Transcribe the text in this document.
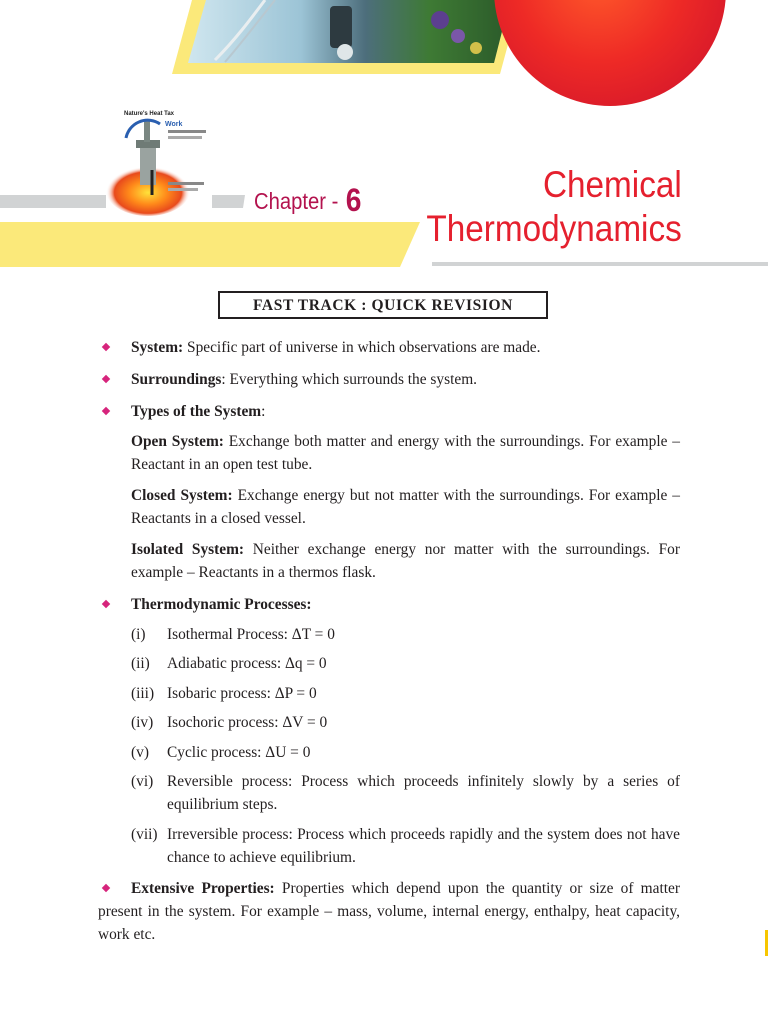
Nature's Heat Tax
Work
Chapter - 6	Chemical
Thermodynamics
FAST TRACK : QUICK REVISION
System: Specific part of universe in which observations are made.
Surroundings: Everything which surrounds the system.
Types of the System:
Open System: Exchange both matter and energy with the surroundings. For example – Reactant in an open test tube.
Closed System: Exchange energy but not matter with the surroundings. For example – Reactants in a closed vessel.
Isolated System: Neither exchange energy nor matter with the surroundings. For example – Reactants in a thermos flask.
Thermodynamic Processes:
(i)	Isothermal Process: ΔT = 0
(ii)	Adiabatic process: Δq = 0
(iii) Isobaric process: ΔP = 0
(iv) Isochoric process: ΔV = 0
(v)	Cyclic process: ΔU = 0
(vi) Reversible process: Process which proceeds infinitely slowly by a series of equilibrium steps.
(vii) Irreversible process: Process which proceeds rapidly and the system does not have chance to achieve equilibrium.
Extensive Properties: Properties which depend upon the quantity or size of matter present in the system. For example – mass, volume, internal energy, enthalpy, heat capacity, work etc.
